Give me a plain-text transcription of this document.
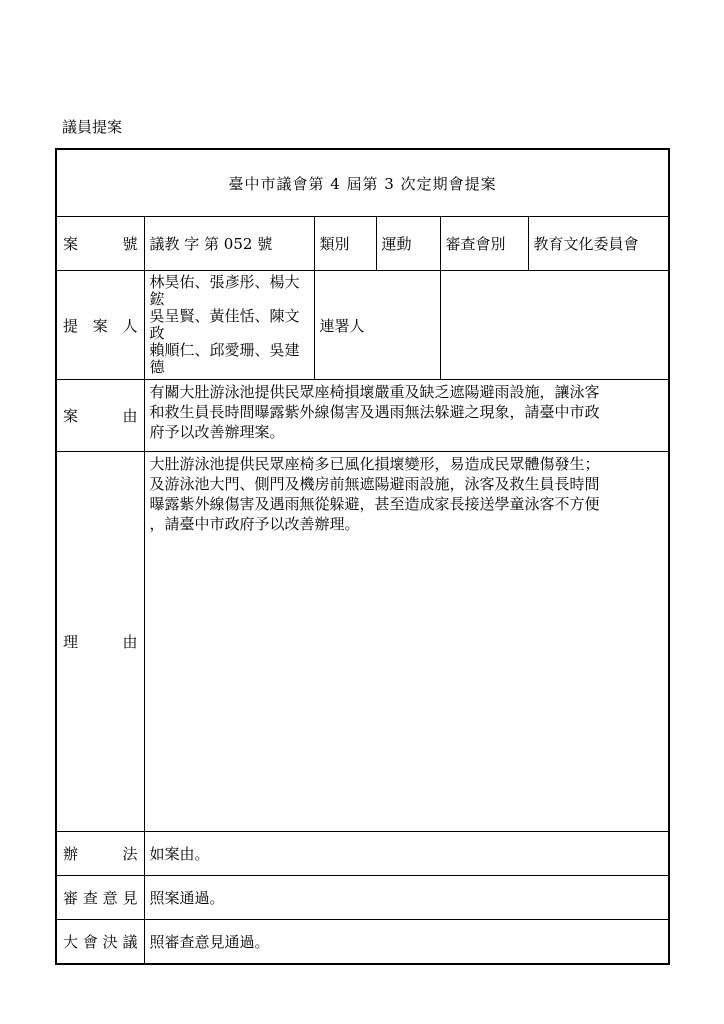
議員提案
臺中市議會第 4 屆第 3 次定期會提案					
案號	議教 字 第 052 號	類別	運動	審查會別	教育文化委員會
提案人	林昊佑、張彥彤、楊大鋐
吳呈賢、黃佳恬、陳文政
賴順仁、邱愛珊、吳建德	連署人			
案由	有關大肚游泳池提供民眾座椅損壞嚴重及缺乏遮陽避雨設施，讓泳客
和救生員長時間曝露紫外線傷害及遇雨無法躲避之現象，請臺中市政
府予以改善辦理案。				

理由	大肚游泳池提供民眾座椅多已風化損壞變形，易造成民眾體傷發生；
及游泳池大門、側門及機房前無遮陽避雨設施，泳客及救生員長時間
曝露紫外線傷害及遇雨無從躲避，甚至造成家長接送學童泳客不方便
，請臺中市政府予以改善辦理。				

辦法	如案由。				
審查意見	照案通過。				
大會決議	照審查意見通過。				
